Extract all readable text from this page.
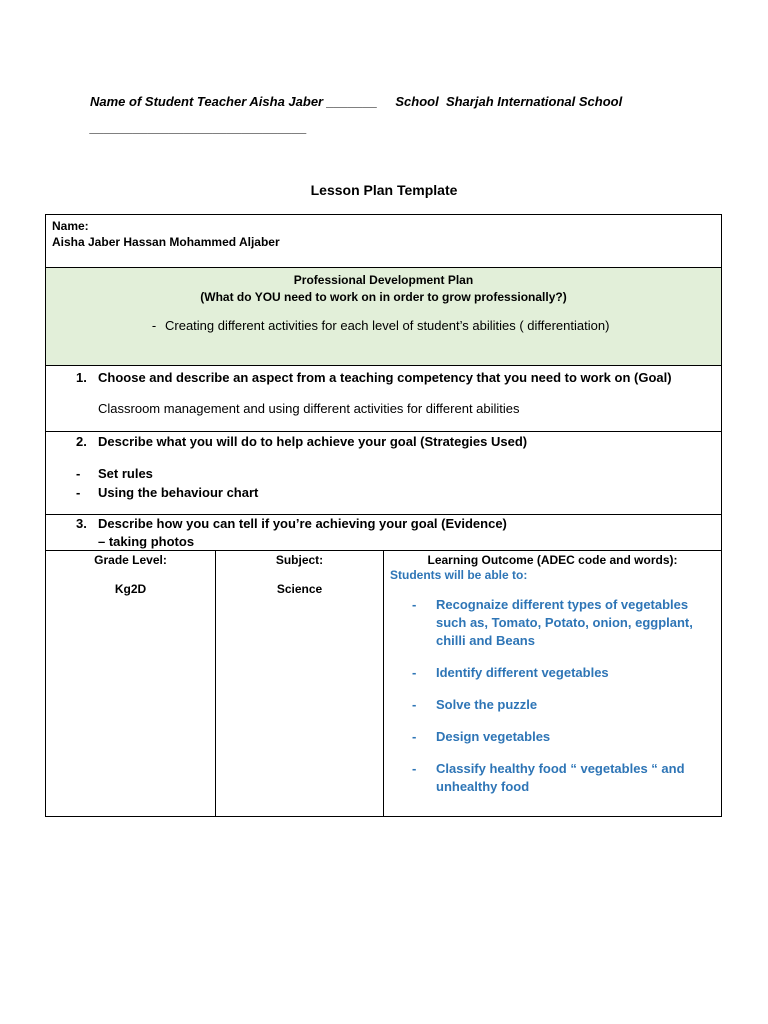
Name of Student Teacher Aisha Jaber _______     School  Sharjah International School
______________________________
Lesson Plan Template
Name:
Aisha Jaber Hassan Mohammed Aljaber
Professional Development Plan
(What do YOU need to work on in order to grow professionally?)
- Creating different activities for each level of student’s abilities ( differentiation)
1. Choose and describe an aspect from a teaching competency that you need to work on (Goal)
Classroom management and using different activities for different abilities
2. Describe what you will do to help achieve your goal (Strategies Used)
- Set rules
- Using the behaviour chart
3. Describe how you can tell if you’re achieving your goal (Evidence)
– taking photos
Grade Level:
Kg2D
Subject:
Science
Learning Outcome (ADEC code and words):
Students will be able to:
- Recognaize different types of vegetables such as, Tomato, Potato, onion, eggplant, chilli and Beans
- Identify different vegetables
- Solve the puzzle
- Design vegetables
- Classify healthy food “ vegetables “ and unhealthy food
